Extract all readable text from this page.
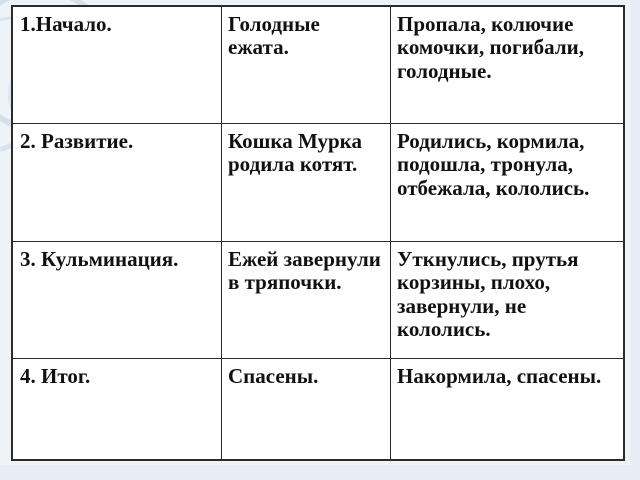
1.Начало.	Голодные ежата.	Пропала, колючие комочки, погибали, голодные.
2. Развитие.	Кошка Мурка родила котят.	Родились, кормила, подошла, тронула, отбежала, кололись.
3. Кульминация.	Ежей завернули в тряпочки.	Уткнулись, прутья корзины, плохо, завернули, не кололись.
4. Итог.	Спасены.	Накормила, спасены.
